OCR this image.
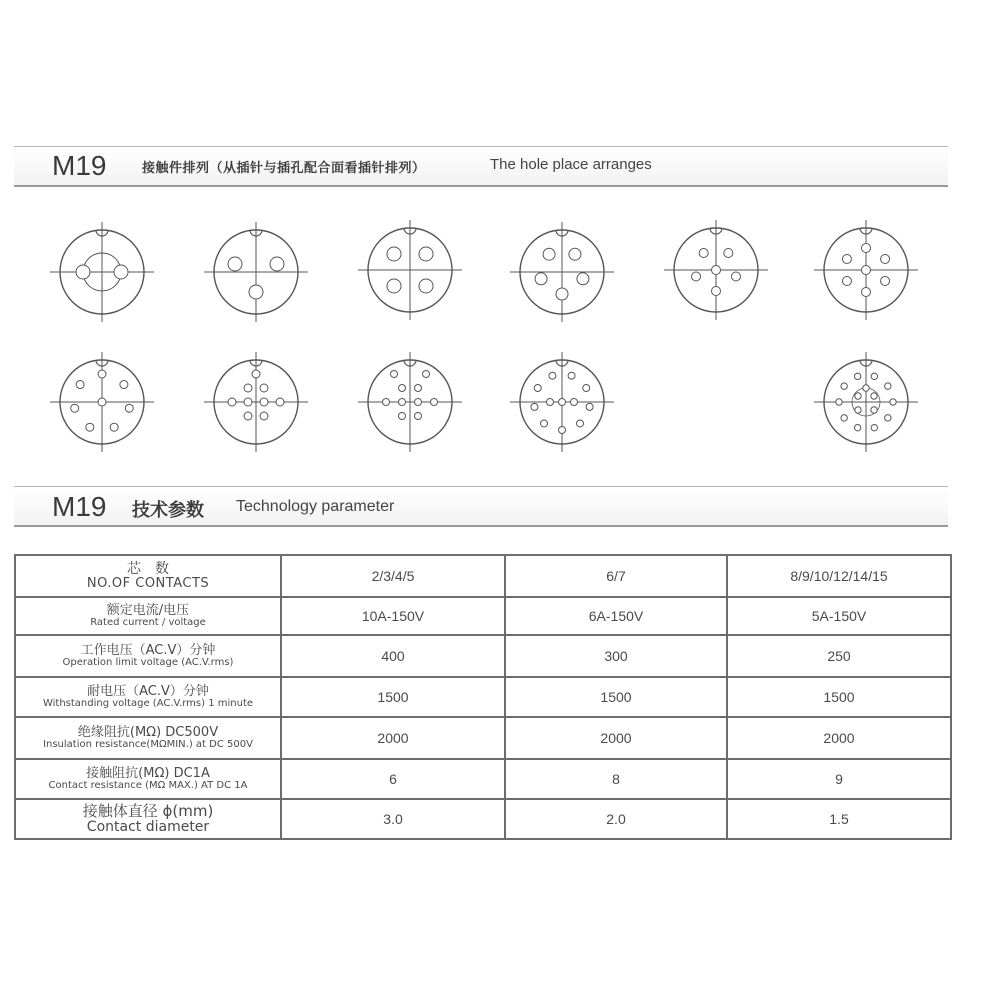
M19	接触件排列（从插针与插孔配合面看插针排列）	The hole place arranges
M19 技术参数 Technology parameter
芯　数
NO.OF CONTACTS	2/3/4/5	6/7	8/9/10/12/14/15

额定电流/电压
Rated current / voltage	10A-150V	6A-150V	5A-150V

工作电压（AC.V）分钟
Operation limit voltage (AC.V.rms)	400	300	250

耐电压（AC.V）分钟
Withstanding voltage (AC.V.rms) 1 minute	1500	1500	1500

绝缘阻抗(MΩ) DC500V
Insulation resistance(MΩMIN.) at DC 500V	2000	2000	2000

接触阻抗(MΩ) DC1A
Contact resistance (MΩ MAX.) AT DC 1A	6	8	9

接触体直径 ϕ(mm)
Contact diameter	3.0	2.0	1.5
